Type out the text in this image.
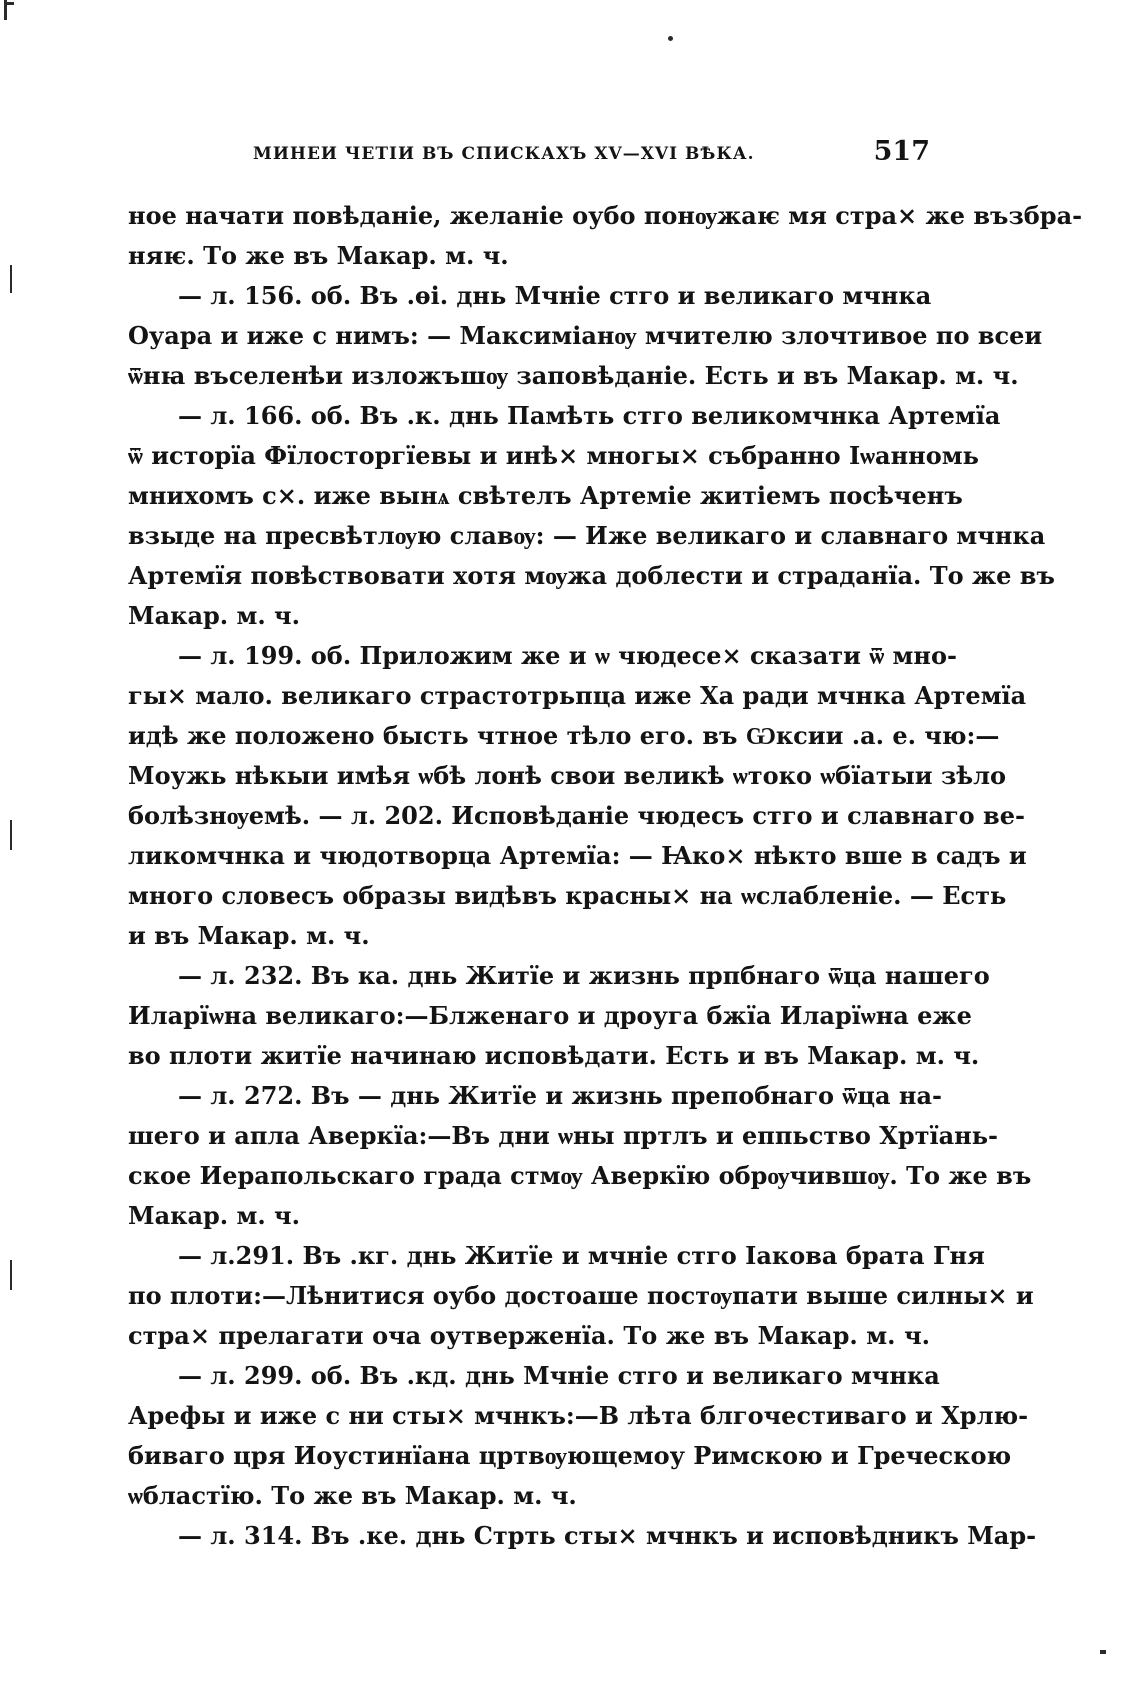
МИНЕИ ЧЕТІИ ВЪ СПИСКАХЪ XV—XVI ВѢКА.	517
ное начати повѣданіе, желаніе оубо понѹжаѥ мя стра× же възбра-
няѥ. То же въ Макар. м. ч.
— л. 156. об. Въ .ѳі. днь Мчніе стго и великаго мчнка
Оуара и иже с нимъ: — Максиміанѹ мчителю злочтивое по всеи
ѿнꙗ въселенѣи изложъшѹ заповѣданіе. Есть и въ Макар. м. ч.
— л. 166. об. Въ .к. днь Памѣть стго великомчнка Артемїа
ѿ исторїа Фїлосторгїевы и инѣ× многы× събранно Іѡанномь
мнихомъ с×. иже вынѧ свѣтелъ Артеміе житіемъ посѣченъ
взыде на пресвѣтлѹю славѹ: — Иже великаго и славнаго мчнка
Артемїя повѣствовати хотя мѹжа доблести и страданїа. То же въ
Макар. м. ч.
— л. 199. об. Приложим же и ѡ чюдесе× сказати ѿ мно-
гы× мало. великаго страстотрьпца иже Ха ради мчнка Артемїа
идѣ же положено бысть чтное тѣло его. въ Ѡксии .а. е. чю:—
Моужь нѣкыи имѣя ѡбѣ лонѣ свои великѣ ѡтоко ѡбїатыи зѣло
болѣзнѹемѣ. — л. 202. Исповѣданіе чюдесъ стго и славнаго ве-
ликомчнка и чюдотворца Артемїа: — Ꙗко× нѣкто вше в садъ и
много словесъ образы видѣвъ красны× на ѡслабленіе. — Есть
и въ Макар. м. ч.
— л. 232. Въ ка. днь Житїе и жизнь прпбнаго ѿца нашего
Иларїѡна великаго:—Блженаго и дроуга бжїа Иларїѡна еже
во плоти житїе начинаю исповѣдати. Есть и въ Макар. м. ч.
— л. 272. Въ — днь Житїе и жизнь препобнаго ѿца на-
шего и апла Аверкїа:—Въ дни ѡны пртлъ и еппьство Хртїань-
ское Иерапольскаго града стмѹ Аверкїю обрѹчившѹ. То же въ
Макар. м. ч.
— л.291. Въ .кг. днь Житїе и мчніе стго Іакова брата Гня
по плоти:—Лѣнитися оубо достоаше постѹпати выше силны× и
стра× прелагати оча оутверженїа. То же въ Макар. м. ч.
— л. 299. об. Въ .кд. днь Мчніе стго и великаго мчнка
Арефы и иже с ни сты× мчнкъ:—В лѣта блгочестиваго и Хрлю-
биваго цря Иоустинїана цртвѹющемоу Римскою и Греческою
ѡбластїю. То же въ Макар. м. ч.
— л. 314. Въ .ке. днь Стрть сты× мчнкъ и исповѣдникъ Мар-
